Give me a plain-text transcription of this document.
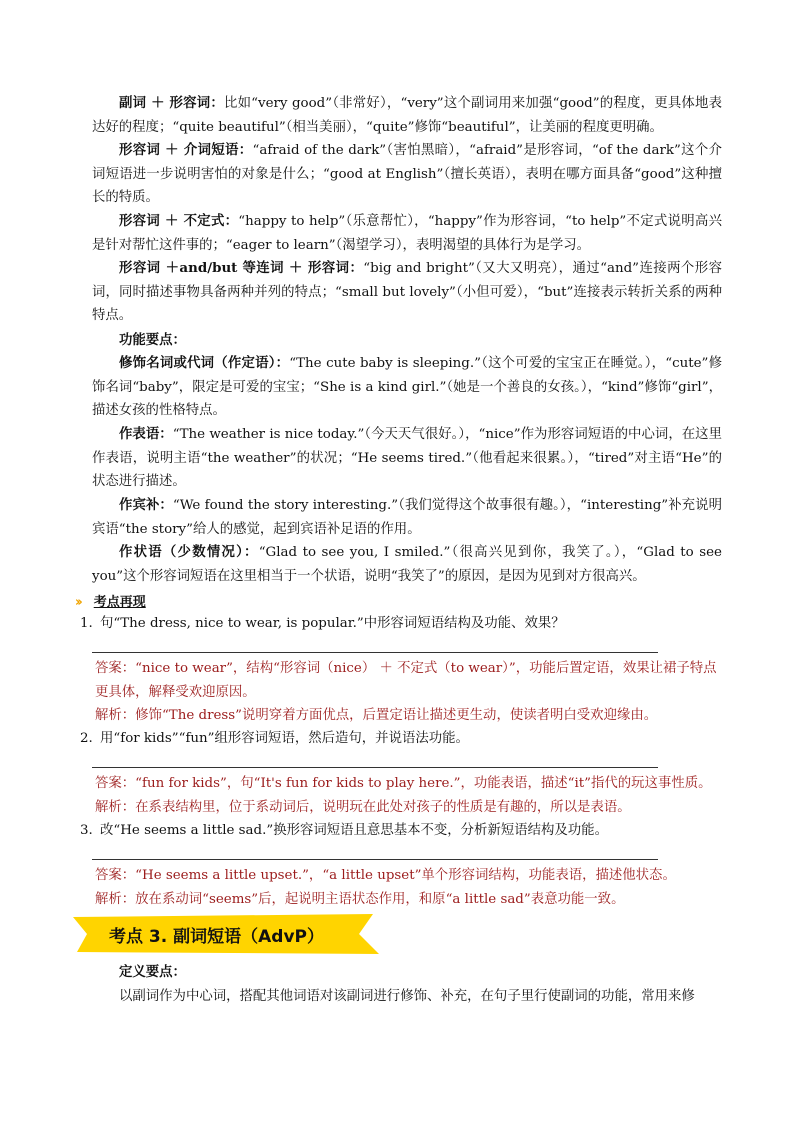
副词 ＋ 形容词：比如“very good”（非常好），“very”这个副词用来加强“good”的程度，更具体地表达好的程度；“quite beautiful”（相当美丽），“quite”修饰“beautiful”，让美丽的程度更明确。
形容词 ＋ 介词短语：“afraid of the dark”（害怕黑暗），“afraid”是形容词，“of the dark”这个介词短语进一步说明害怕的对象是什么；“good at English”（擅长英语），表明在哪方面具备“good”这种擅长的特质。
形容词 ＋ 不定式：“happy to help”（乐意帮忙），“happy”作为形容词，“to help”不定式说明高兴是针对帮忙这件事的；“eager to learn”（渴望学习），表明渴望的具体行为是学习。
形容词 ＋and/but 等连词 ＋ 形容词：“big and bright”（又大又明亮），通过“and”连接两个形容词，同时描述事物具备两种并列的特点；“small but lovely”（小但可爱），“but”连接表示转折关系的两种特点。
功能要点：
修饰名词或代词（作定语）：“The cute baby is sleeping.”（这个可爱的宝宝正在睡觉。），“cute”修饰名词“baby”，限定是可爱的宝宝；“She is a kind girl.”（她是一个善良的女孩。），“kind”修饰“girl”，描述女孩的性格特点。
作表语：“The weather is nice today.”（今天天气很好。），“nice”作为形容词短语的中心词，在这里作表语，说明主语“the weather”的状况；“He seems tired.”（他看起来很累。），“tired”对主语“He”的状态进行描述。
作宾补：“We found the story interesting.”（我们觉得这个故事很有趣。），“interesting”补充说明宾语“the story”给人的感觉，起到宾语补足语的作用。
作状语（少数情况）：“Glad to see you, I smiled.”（很高兴见到你，我笑了。），“Glad to see you”这个形容词短语在这里相当于一个状语，说明“我笑了”的原因，是因为见到对方很高兴。
›› 考点再现
1. 句“The dress, nice to wear, is popular.”中形容词短语结构及功能、效果？
答案：“nice to wear”，结构“形容词（nice） ＋ 不定式（to wear）”，功能后置定语，效果让裙子特点更具体，解释受欢迎原因。
解析：修饰“The dress”说明穿着方面优点，后置定语让描述更生动，使读者明白受欢迎缘由。
2. 用“for kids”“fun”组形容词短语，然后造句，并说语法功能。
答案：“fun for kids”，句“It's fun for kids to play here.”，功能表语，描述“it”指代的玩这事性质。
解析：在系表结构里，位于系动词后，说明玩在此处对孩子的性质是有趣的，所以是表语。
3. 改“He seems a little sad.”换形容词短语且意思基本不变，分析新短语结构及功能。
答案：“He seems a little upset.”，“a little upset”单个形容词结构，功能表语，描述他状态。
解析：放在系动词“seems”后，起说明主语状态作用，和原“a little sad”表意功能一致。
考点 3. 副词短语（AdvP）
定义要点：
以副词作为中心词，搭配其他词语对该副词进行修饰、补充，在句子里行使副词的功能，常用来修
